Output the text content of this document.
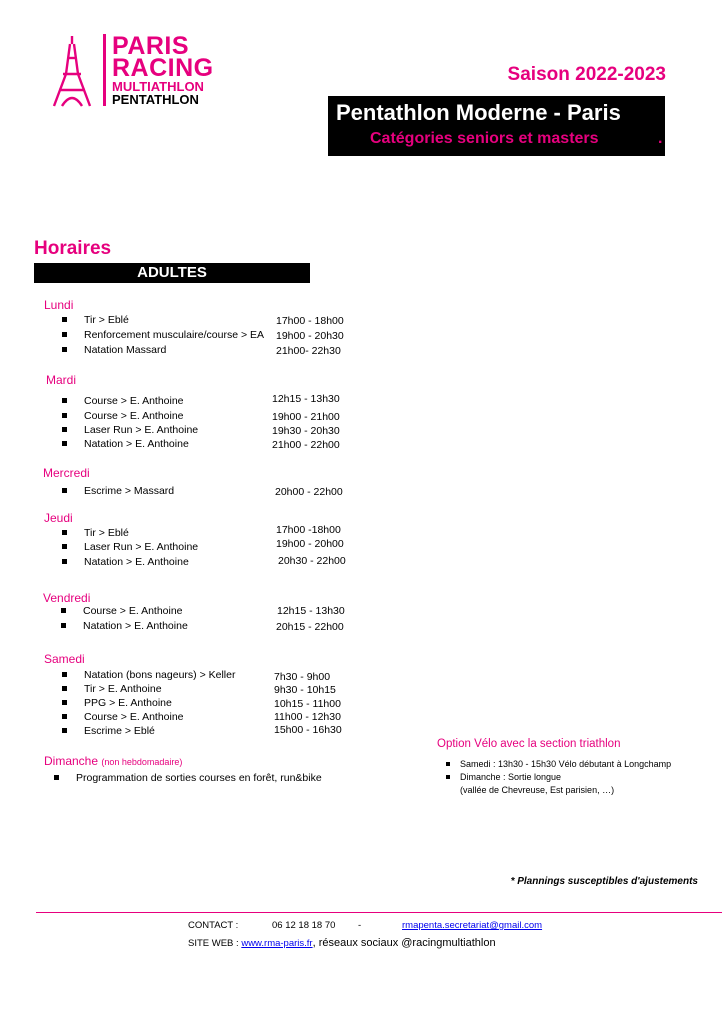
PARIS
RACING
MULTIATHLON
PENTATHLON
Saison 2022-2023
Pentathlon Moderne - Paris
Catégories seniors et masters	.
Horaires
ADULTES
Lundi
Tir > Eblé	17h00 - 18h00
Renforcement musculaire/course > EA 19h00 - 20h30
Natation Massard	21h00- 22h30
Mardi
Course > E. Anthoine	12h15 - 13h30
Course > E. Anthoine	19h00 - 21h00
Laser Run > E. Anthoine	19h30 - 20h30
Natation > E. Anthoine	21h00 - 22h00
Mercredi
Escrime > Massard	20h00 - 22h00
Jeudi
Tir > Eblé	17h00 -18h00
Laser Run > E. Anthoine	19h00 - 20h00
Natation > E. Anthoine	20h30 - 22h00
Vendredi
Course > E. Anthoine	12h15 - 13h30
Natation > E. Anthoine	20h15 - 22h00
Samedi
Natation (bons nageurs) > Keller	7h30 - 9h00
Tir > E. Anthoine	9h30 - 10h15
PPG > E. Anthoine	10h15 - 11h00
Course > E. Anthoine	11h00 - 12h30
Escrime > Eblé	15h00 - 16h30
Dimanche (non hebdomadaire)
Programmation de sorties courses en forêt, run&bike
Option Vélo avec la section triathlon
Samedi : 13h30 - 15h30 Vélo débutant à Longchamp
Dimanche : Sortie longue
(vallée de Chevreuse, Est parisien, …)
* Plannings susceptibles d'ajustements
CONTACT :	06 12 18 18 70 -	rmapenta.secretariat@gmail.com
SITE WEB : www.rma-paris.fr, réseaux sociaux @racingmultiathlon
